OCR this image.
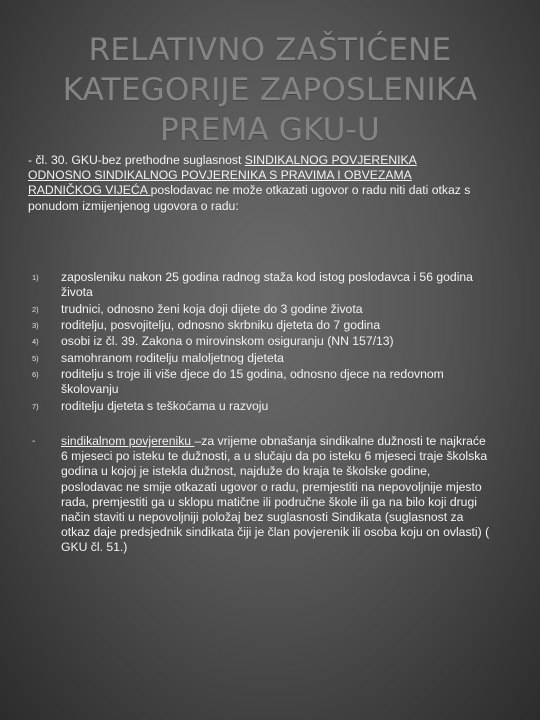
RELATIVNO ZAŠTIĆENE
KATEGORIJE ZAPOSLENIKA
PREMA GKU-U
- čl. 30. GKU-bez prethodne suglasnost SINDIKALNOG POVJERENIKA ODNOSNO SINDIKALNOG POVJERENIKA S PRAVIMA I OBVEZAMA RADNIČKOG VIJEĆA poslodavac ne može otkazati ugovor o radu niti dati otkaz s ponudom izmijenjenog ugovora o radu:
1) zaposleniku nakon 25 godina radnog staža kod istog poslodavca i 56 godina života
2) trudnici, odnosno ženi koja doji dijete do 3 godine života
3) roditelju, posvojitelju, odnosno skrbniku djeteta do 7 godina
4) osobi iz čl. 39. Zakona o mirovinskom osiguranju (NN 157/13)
5) samohranom roditelju maloljetnog djeteta
6) roditelju s troje ili više djece do 15 godina, odnosno djece na redovnom školovanju
7) roditelju djeteta s teškoćama u razvoju
-	sindikalnom povjereniku –za vrijeme obnašanja sindikalne dužnosti te najkraće 6 mjeseci po isteku te dužnosti, a u slučaju da po isteku 6 mjeseci traje školska godina u kojoj je istekla dužnost, najduže do kraja te školske godine, poslodavac ne smije otkazati ugovor o radu, premjestiti na nepovoljnije mjesto rada, premjestiti ga u sklopu matične ili područne škole ili ga na bilo koji drugi način staviti u nepovoljniji položaj bez suglasnosti Sindikata (suglasnost za otkaz daje predsjednik sindikata čiji je član povjerenik ili osoba koju on ovlasti) ( GKU čl. 51.)
